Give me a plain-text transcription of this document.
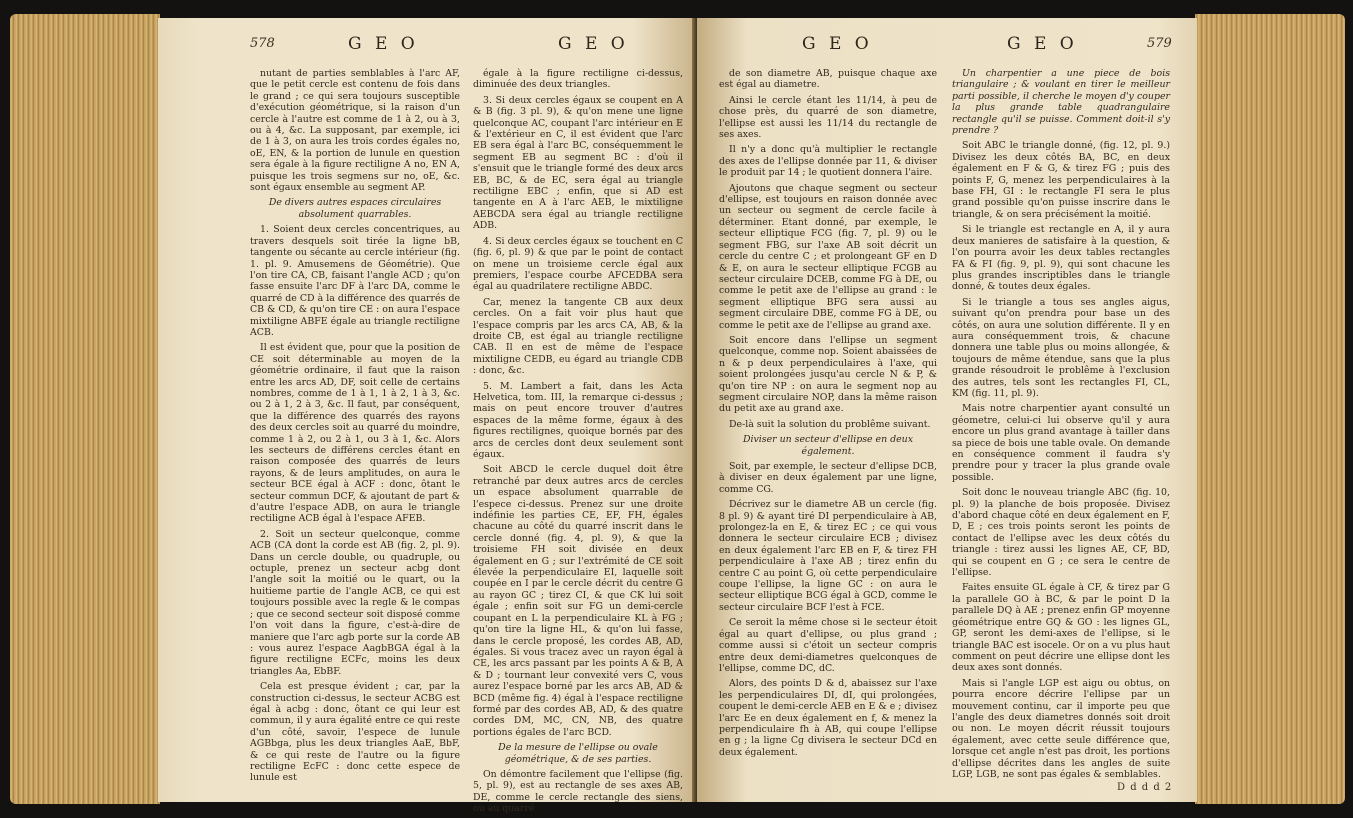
578	G E O	G E O

nutant de parties semblables à l'arc AF, que le petit cercle est contenu de fois dans le grand ; ce qui sera toujours susceptible d'exécution géométrique, si la raison d'un cercle à l'autre est comme de 1 à 2, ou à 3, ou à 4, &c. La supposant, par exemple, ici de 1 à 3, on aura les trois cordes égales no, oE, EN, & la portion de lunule en question sera égale à la figure rectiligne A no, EN A, puisque les trois segmens sur no, oE, &c. sont égaux ensemble au segment AP.

De divers autres espaces circulaires absolument quarrables.

1. Soient deux cercles concentriques, au travers desquels soit tirée la ligne bB, tangente ou sécante au cercle intérieur (fig. 1. pl. 9. Amusemens de Géométrie). Que l'on tire CA, CB, faisant l'angle ACD ; qu'on fasse ensuite l'arc DF à l'arc DA, comme le quarré de CD à la différence des quarrés de CB & CD, & qu'on tire CE : on aura l'espace mixtiligne ABFE égale au triangle rectiligne ACB.

Il est évident que, pour que la position de CE soit déterminable au moyen de la géométrie ordinaire, il faut que la raison entre les arcs AD, DF, soit celle de certains nombres, comme de 1 à 1, 1 à 2, 1 à 3, &c. ou 2 à 1, 2 à 3, &c. Il faut, par conséquent, que la différence des quarrés des rayons des deux cercles soit au quarré du moindre, comme 1 à 2, ou 2 à 1, ou 3 à 1, &c. Alors les secteurs de différens cercles étant en raison composée des quarrés de leurs rayons, & de leurs amplitudes, on aura le secteur BCE égal à ACF : donc, ôtant le secteur commun DCF, & ajoutant de part & d'autre l'espace ADB, on aura le triangle rectiligne ACB égal à l'espace AFEB.

2. Soit un secteur quelconque, comme ACB (CA dont la corde est AB (fig. 2, pl. 9). Dans un cercle double, ou quadruple, ou octuple, prenez un secteur acbg dont l'angle soit la moitié ou le quart, ou la huitieme partie de l'angle ACB, ce qui est toujours possible avec la regle & le compas ; que ce second secteur soit disposé comme l'on voit dans la figure, c'est-à-dire de maniere que l'arc agb porte sur la corde AB : vous aurez l'espace AagbBGA égal à la figure rectiligne ECFc, moins les deux triangles Aa, EbBF.

Cela est presque évident ; car, par la construction ci-dessus, le secteur ACBG est égal à acbg : donc, ôtant ce qui leur est commun, il y aura égalité entre ce qui reste d'un côté, savoir, l'espece de lunule AGBbga, plus les deux triangles AaE, BbF, & ce qui reste de l'autre ou la figure rectiligne EcFC : donc cette espece de lunule est

égale à la figure rectiligne ci-dessus, diminuée des deux triangles.

3. Si deux cercles égaux se coupent en A & B (fig. 3 pl. 9), & qu'on mene une ligne quelconque AC, coupant l'arc intérieur en E & l'extérieur en C, il est évident que l'arc EB sera égal à l'arc BC, conséquemment le segment EB au segment BC : d'où il s'ensuit que le triangle formé des deux arcs EB, BC, & de EC, sera égal au triangle rectiligne EBC ; enfin, que si AD est tangente en A à l'arc AEB, le mixtiligne AEBCDA sera égal au triangle rectiligne ADB.

4. Si deux cercles égaux se touchent en C (fig. 6, pl. 9) & que par le point de contact on mene un troisieme cercle égal aux premiers, l'espace courbe AFCEDBA sera égal au quadrilatere rectiligne ABDC.

Car, menez la tangente CB aux deux cercles. On a fait voir plus haut que l'espace compris par les arcs CA, AB, & la droite CB, est égal au triangle rectiligne CAB. Il en est de même de l'espace mixtiligne CEDB, eu égard au triangle CDB : donc, &c.

5. M. Lambert a fait, dans les Acta Helvetica, tom. III, la remarque ci-dessus ; mais on peut encore trouver d'autres espaces de la même forme, égaux à des figures rectilignes, quoique bornés par des arcs de cercles dont deux seulement sont égaux.

Soit ABCD le cercle duquel doit être retranché par deux autres arcs de cercles un espace absolument quarrable de l'espece ci-dessus. Prenez sur une droite indéfinie les parties CE, EF, FH, égales chacune au côté du quarré inscrit dans le cercle donné (fig. 4, pl. 9), & que la troisieme FH soit divisée en deux également en G ; sur l'extrémité de CE soit élevée la perpendiculaire EI, laquelle soit coupée en I par le cercle décrit du centre G au rayon GC ; tirez CI, & que CK lui soit égale ; enfin soit sur FG un demi-cercle coupant en L la perpendiculaire KL à FG ; qu'on tire la ligne HL, & qu'on lui fasse, dans le cercle proposé, les cordes AB, AD, égales. Si vous tracez avec un rayon égal à CE, les arcs passant par les points A & B, A & D ; tournant leur convexité vers C, vous aurez l'espace borné par les arcs AB, AD & BCD (même fig. 4) égal à l'espace rectiligne formé par des cordes AB, AD, & des quatre cordes DM, MC, CN, NB, des quatre portions égales de l'arc BCD.

De la mesure de l'ellipse ou ovale géométrique, & de ses parties.

On démontre facilement que l'ellipse (fig. 5, pl. 9), est au rectangle de ses axes AB, DE, comme le cercle rectangle des siens, ou au quarré

G E O	G E O	579

de son diametre AB, puisque chaque axe est égal au diametre.

Ainsi le cercle étant les 11/14, à peu de chose près, du quarré de son diametre, l'ellipse est aussi les 11/14 du rectangle de ses axes.

Il n'y a donc qu'à multiplier le rectangle des axes de l'ellipse donnée par 11, & diviser le produit par 14 ; le quotient donnera l'aire.

Ajoutons que chaque segment ou secteur d'ellipse, est toujours en raison donnée avec un secteur ou segment de cercle facile à déterminer. Etant donné, par exemple, le secteur elliptique FCG (fig. 7, pl. 9) ou le segment FBG, sur l'axe AB soit décrit un cercle du centre C ; et prolongeant GF en D & E, on aura le secteur elliptique FCGB au secteur circulaire DCEB, comme FG à DE, ou comme le petit axe de l'ellipse au grand : le segment elliptique BFG sera aussi au segment circulaire DBE, comme FG à DE, ou comme le petit axe de l'ellipse au grand axe.

Soit encore dans l'ellipse un segment quelconque, comme nop. Soient abaissées de n & p deux perpendiculaires à l'axe, qui soient prolongées jusqu'au cercle N & P, & qu'on tire NP : on aura le segment nop au segment circulaire NOP, dans la même raison du petit axe au grand axe.

De-là suit la solution du problême suivant.

Diviser un secteur d'ellipse en deux également.

Soit, par exemple, le secteur d'ellipse DCB, à diviser en deux également par une ligne, comme CG.

Décrivez sur le diametre AB un cercle (fig. 8 pl. 9) & ayant tiré DI perpendiculaire à AB, prolongez-la en E, & tirez EC ; ce qui vous donnera le secteur circulaire ECB ; divisez en deux également l'arc EB en F, & tirez FH perpendiculaire à l'axe AB ; tirez enfin du centre C au point G, où cette perpendiculaire coupe l'ellipse, la ligne GC : on aura le secteur elliptique BCG égal à GCD, comme le secteur circulaire BCF l'est à FCE.

Ce seroit la même chose si le secteur étoit égal au quart d'ellipse, ou plus grand ; comme aussi si c'étoit un secteur compris entre deux demi-diametres quelconques de l'ellipse, comme DC, dC.

Alors, des points D & d, abaissez sur l'axe les perpendiculaires DI, dI, qui prolongées, coupent le demi-cercle AEB en E & e ; divisez l'arc Ee en deux également en f, & menez la perpendiculaire fh à AB, qui coupe l'ellipse en g ; la ligne Cg divisera le secteur DCd en deux également.

Un charpentier a une piece de bois triangulaire ; & voulant en tirer le meilleur parti possible, il cherche le moyen d'y couper la plus grande table quadrangulaire rectangle qu'il se puisse. Comment doit-il s'y prendre ?

Soit ABC le triangle donné, (fig. 12, pl. 9.) Divisez les deux côtés BA, BC, en deux également en F & G, & tirez FG ; puis des points F, G, menez les perpendiculaires à la base FH, GI : le rectangle FI sera le plus grand possible qu'on puisse inscrire dans le triangle, & on sera précisément la moitié.

Si le triangle est rectangle en A, il y aura deux manieres de satisfaire à la question, & l'on pourra avoir les deux tables rectangles FA & FI (fig. 9, pl. 9), qui sont chacune les plus grandes inscriptibles dans le triangle donné, & toutes deux égales.

Si le triangle a tous ses angles aigus, suivant qu'on prendra pour base un des côtés, on aura une solution différente. Il y en aura conséquemment trois, & chacune donnera une table plus ou moins allongée, & toujours de même étendue, sans que la plus grande résoudroit le problême à l'exclusion des autres, tels sont les rectangles FI, CL, KM (fig. 11, pl. 9).

Mais notre charpentier ayant consulté un géometre, celui-ci lui observe qu'il y aura encore un plus grand avantage à tailler dans sa piece de bois une table ovale. On demande en conséquence comment il faudra s'y prendre pour y tracer la plus grande ovale possible.

Soit donc le nouveau triangle ABC (fig. 10, pl. 9) la planche de bois proposée. Divisez d'abord chaque côté en deux également en F, D, E ; ces trois points seront les points de contact de l'ellipse avec les deux côtés du triangle : tirez aussi les lignes AE, CF, BD, qui se coupent en G ; ce sera le centre de l'ellipse.

Faites ensuite GL égale à CF, & tirez par G la parallele GO à BC, & par le point D la parallele DQ à AE ; prenez enfin GP moyenne géométrique entre GQ & GO : les lignes GL, GP, seront les demi-axes de l'ellipse, si le triangle BAC est isocele. Or on a vu plus haut comment on peut décrire une ellipse dont les deux axes sont donnés.

Mais si l'angle LGP est aigu ou obtus, on pourra encore décrire l'ellipse par un mouvement continu, car il importe peu que l'angle des deux diametres donnés soit droit ou non. Le moyen décrit réussit toujours également, avec cette seule différence que, lorsque cet angle n'est pas droit, les portions d'ellipse décrites dans les angles de suite LGP, LGB, ne sont pas égales & semblables.

D d d d 2
